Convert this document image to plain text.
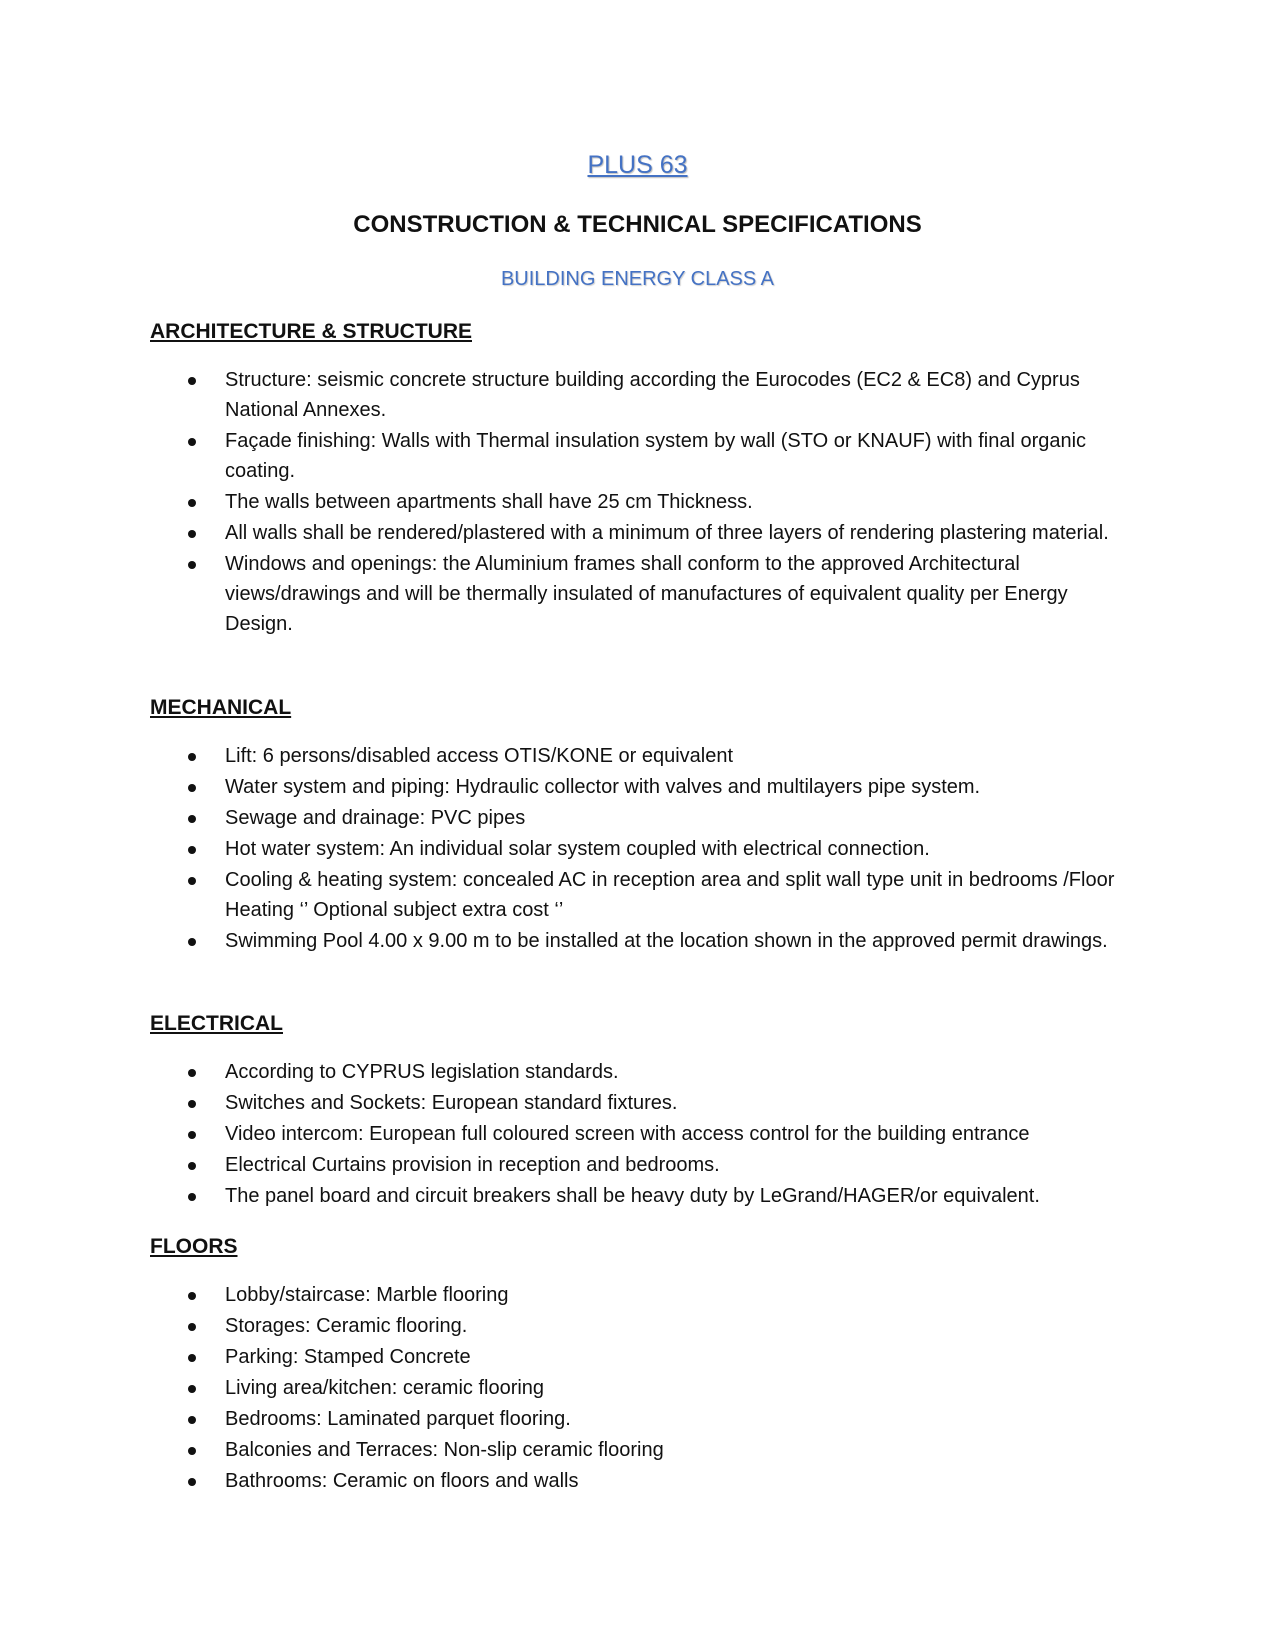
PLUS 63
CONSTRUCTION & TECHNICAL SPECIFICATIONS
BUILDING ENERGY CLASS A
ARCHITECTURE & STRUCTURE
Structure: seismic concrete structure building according the Eurocodes (EC2 & EC8) and Cyprus National Annexes.
Façade finishing: Walls with Thermal insulation system by wall (STO or KNAUF) with final organic coating.
The walls between apartments shall have 25 cm Thickness.
All walls shall be rendered/plastered with a minimum of three layers of rendering plastering material.
Windows and openings: the Aluminium frames shall conform to the approved Architectural views/drawings and will be thermally insulated of manufactures of equivalent quality per Energy Design.
MECHANICAL
Lift: 6 persons/disabled access OTIS/KONE or equivalent
Water system and piping: Hydraulic collector with valves and multilayers pipe system.
Sewage and drainage: PVC pipes
Hot water system: An individual solar system coupled with electrical connection.
Cooling & heating system: concealed AC in reception area and split wall type unit in bedrooms /Floor Heating ‘’ Optional subject extra cost ‘’
Swimming Pool 4.00 x 9.00 m to be installed at the location shown in the approved permit drawings.
ELECTRICAL
According to CYPRUS legislation standards.
Switches and Sockets: European standard fixtures.
Video intercom: European full coloured screen with access control for the building entrance
Electrical Curtains provision in reception and bedrooms.
The panel board and circuit breakers shall be heavy duty by LeGrand/HAGER/or equivalent.
FLOORS
Lobby/staircase: Marble flooring
Storages: Ceramic flooring.
Parking: Stamped Concrete
Living area/kitchen: ceramic flooring
Bedrooms: Laminated parquet flooring.
Balconies and Terraces: Non-slip ceramic flooring
Bathrooms: Ceramic on floors and walls
